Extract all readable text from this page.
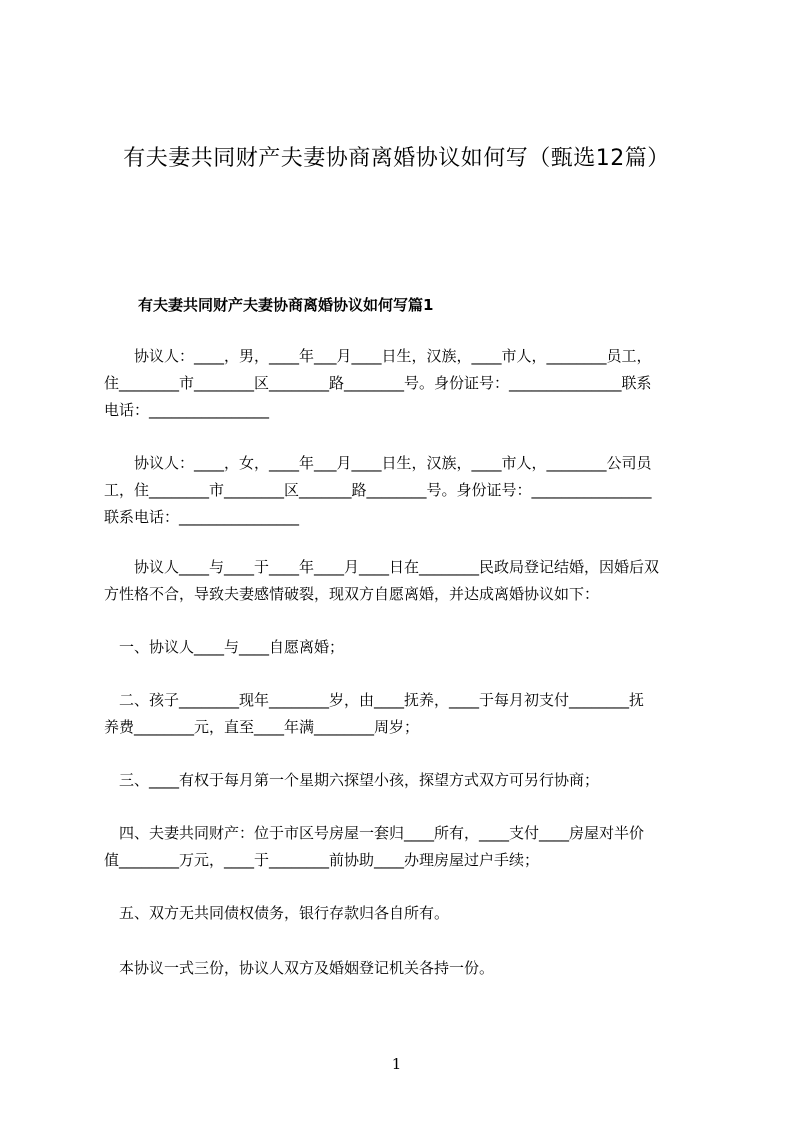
有夫妻共同财产夫妻协商离婚协议如何写（甄选12篇）
有夫妻共同财产夫妻协商离婚协议如何写篇1

　　协议人：____，男，____年___月____日生，汉族，____市人，________员工，
住________市________区________路________号。身份证号：_______________联系
电话：________________

　　协议人：____，女，____年___月____日生，汉族，____市人，________公司员
工，住________市________区_______路________号。身份证号：________________
联系电话：________________

　　协议人____与____于____年____月____日在________民政局登记结婚，因婚后双
方性格不合，导致夫妻感情破裂，现双方自愿离婚，并达成离婚协议如下：

　一、协议人____与____自愿离婚；

　二、孩子________现年________岁，由____抚养，____于每月初支付________抚
养费________元，直至____年满________周岁；

　三、____有权于每月第一个星期六探望小孩，探望方式双方可另行协商；

　四、夫妻共同财产：位于市区号房屋一套归____所有，____支付____房屋对半价
值________万元，____于________前协助____办理房屋过户手续；

　五、双方无共同债权债务，银行存款归各自所有。

　本协议一式三份，协议人双方及婚姻登记机关各持一份。

1
